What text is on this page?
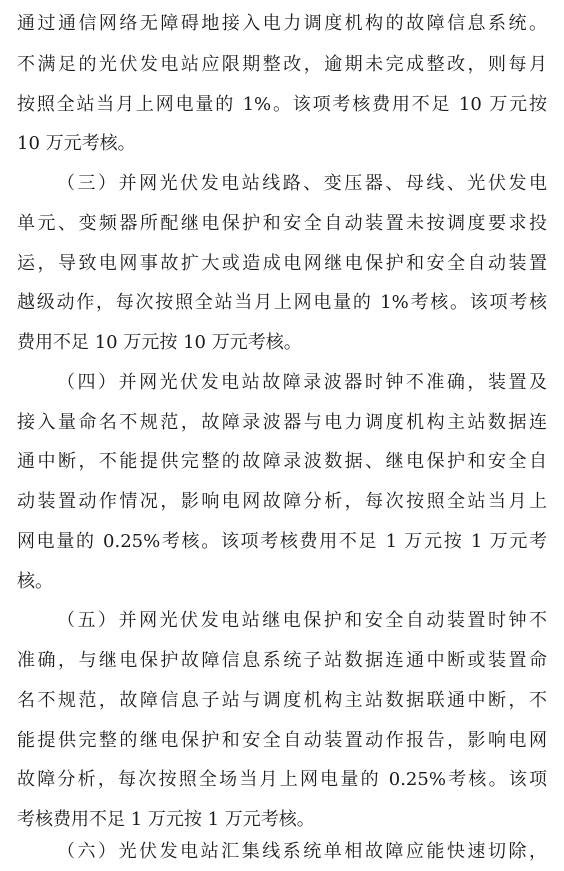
通过通信网络无障碍地接入电力调度机构的故障信息系统。
不满足的光伏发电站应限期整改，逾期未完成整改，则每月
按照全站当月上网电量的 1%。该项考核费用不足 10 万元按
10 万元考核。
（三）并网光伏发电站线路、变压器、母线、光伏发电
单元、变频器所配继电保护和安全自动装置未按调度要求投
运，导致电网事故扩大或造成电网继电保护和安全自动装置
越级动作，每次按照全站当月上网电量的 1%考核。该项考核
费用不足 10 万元按 10 万元考核。
（四）并网光伏发电站故障录波器时钟不准确，装置及
接入量命名不规范，故障录波器与电力调度机构主站数据连
通中断，不能提供完整的故障录波数据、继电保护和安全自
动装置动作情况，影响电网故障分析，每次按照全站当月上
网电量的 0.25%考核。该项考核费用不足 1 万元按 1 万元考
核。
（五）并网光伏发电站继电保护和安全自动装置时钟不
准确，与继电保护故障信息系统子站数据连通中断或装置命
名不规范，故障信息子站与调度机构主站数据联通中断，不
能提供完整的继电保护和安全自动装置动作报告，影响电网
故障分析，每次按照全场当月上网电量的 0.25%考核。该项
考核费用不足 1 万元按 1 万元考核。
（六）光伏发电站汇集线系统单相故障应能快速切除，
